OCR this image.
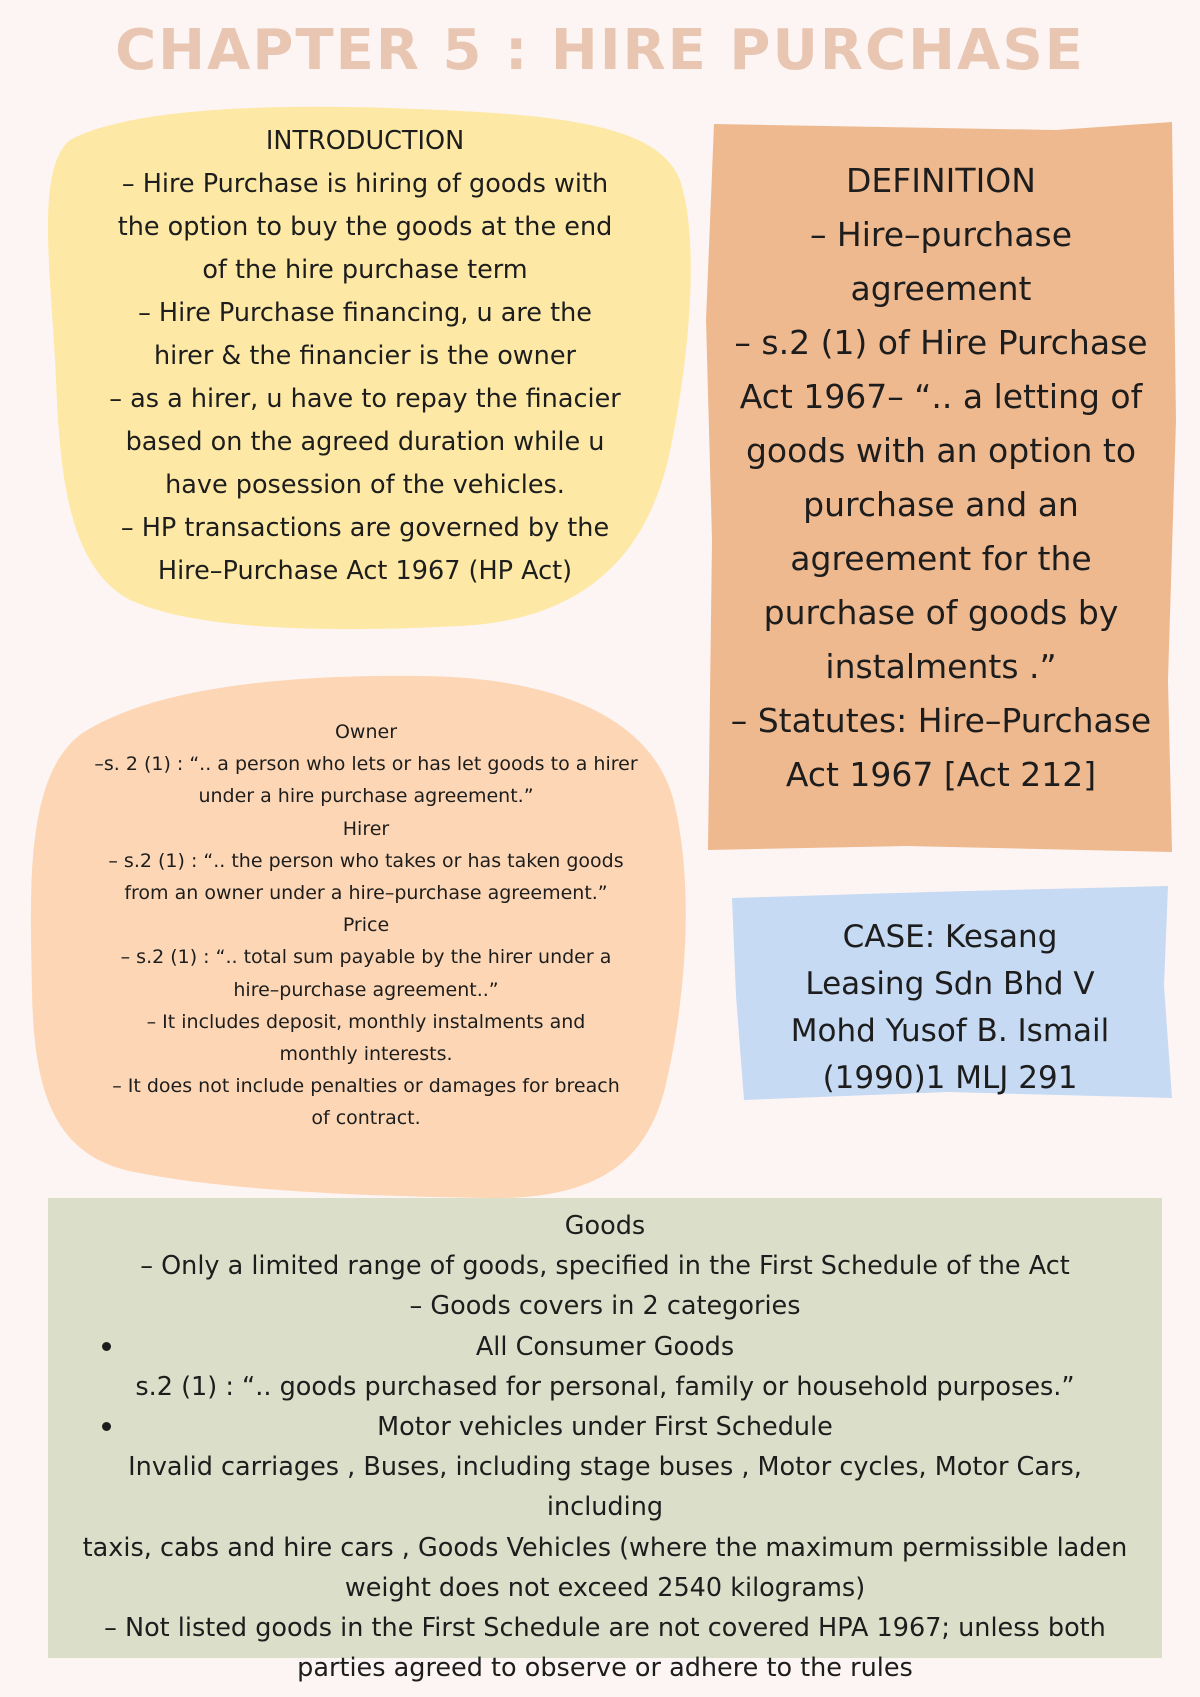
CHAPTER 5 : HIRE PURCHASE
INTRODUCTION
– Hire Purchase is hiring of goods with
the option to buy the goods at the end
of the hire purchase term
– Hire Purchase financing, u are the
hirer & the financier is the owner
– as a hirer, u have to repay the finacier
based on the agreed duration while u
have posession of the vehicles.
– HP transactions are governed by the
Hire–Purchase Act 1967 (HP Act)
DEFINITION
– Hire–purchase
agreement
– s.2 (1) of Hire Purchase
Act 1967– “.. a letting of
goods with an option to
purchase and an
agreement for the
purchase of goods by
instalments .”
– Statutes: Hire–Purchase
Act 1967 [Act 212]
Owner
–s. 2 (1) : “.. a person who lets or has let goods to a hirer
under a hire purchase agreement.”
Hirer
– s.2 (1) : “.. the person who takes or has taken goods
from an owner under a hire–purchase agreement.”
Price
– s.2 (1) : “.. total sum payable by the hirer under a
hire–purchase agreement..”
– It includes deposit, monthly instalments and
monthly interests.
– It does not include penalties or damages for breach
of contract.
CASE: Kesang
Leasing Sdn Bhd V
Mohd Yusof B. Ismail
(1990)1 MLJ 291
Goods
– Only a limited range of goods, specified in the First Schedule of the Act
– Goods covers in 2 categories
All Consumer Goods
s.2 (1) : “.. goods purchased for personal, family or household purposes.”
Motor vehicles under First Schedule
Invalid carriages , Buses, including stage buses , Motor cycles, Motor Cars, including
taxis, cabs and hire cars , Goods Vehicles (where the maximum permissible laden
weight does not exceed 2540 kilograms)
– Not listed goods in the First Schedule are not covered HPA 1967; unless both
parties agreed to observe or adhere to the rules
